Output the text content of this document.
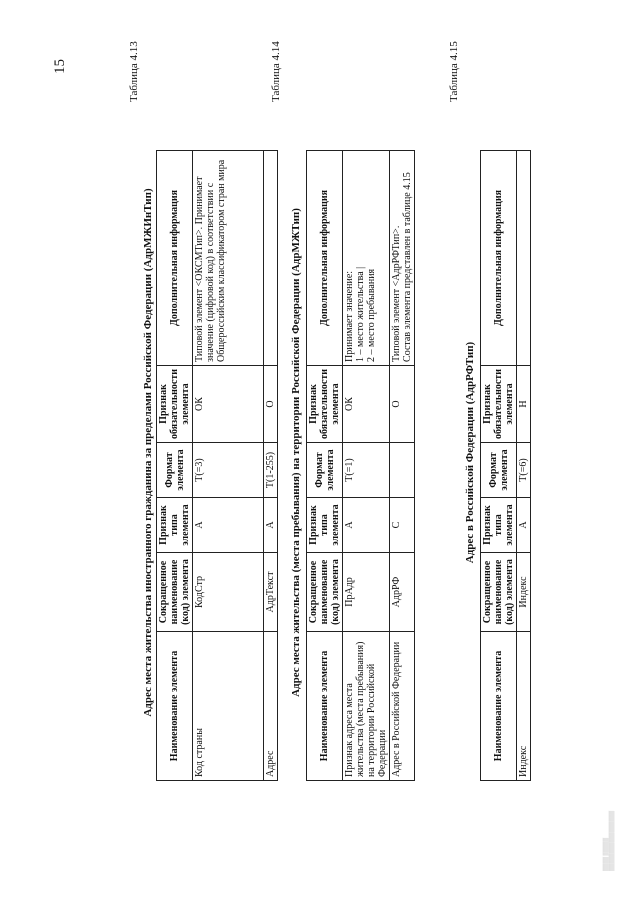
15	Таблица 4.13
Адрес места жительства иностранного гражданина за пределами Российской Федерации (АдрМЖИнТип) Наименование элемента	Сокращенное наименование (код) элемента	Признак типа элемента	Формат элемента	Признак обязательности элемента	Дополнительная информация
Код страны	КодСтр	А	Т(=3)	ОК	Типовой элемент <ОКСМТип>. Принимает значение (цифровой код) в соответствии с Общероссийским классификатором стран мира
Адрес	АдрТекст	А	Т(1-255)	О	
Таблица 4.14
Адрес места жительства (места пребывания) на территории Российской Федерации (АдрМЖТип)
Наименование элемента	Сокращенное наименование (код) элемента	Признак типа элемента	Формат элемента	Признак обязательности элемента	Дополнительная информация
Признак адреса места жительства (места пребывания) на территории Российской Федерации	ПрАдр	А	Т(=1)	ОК	Принимает значение: 1 – место жительства | 2 – место пребывания

Адрес в Российской Федерации	АдрРФ	С		О	Типовой элемент <АдрРФТип>. Состав элемента представлен в таблице 4.15
Таблица 4.15
Адрес в Российской Федерации (АдрРФТип)
Наименование элемента	Сокращенное наименование (код) элемента	Признак типа элемента	Формат элемента	Признак обязательности элемента	Дополнительная информация
Индекс	Индекс	А	Т(=6)	Н	
▒▒▒▒ ▒▒▒▒▒
▒▒▒▒▒▒▒▒▒▒▒▒▒▒▒▒▒
